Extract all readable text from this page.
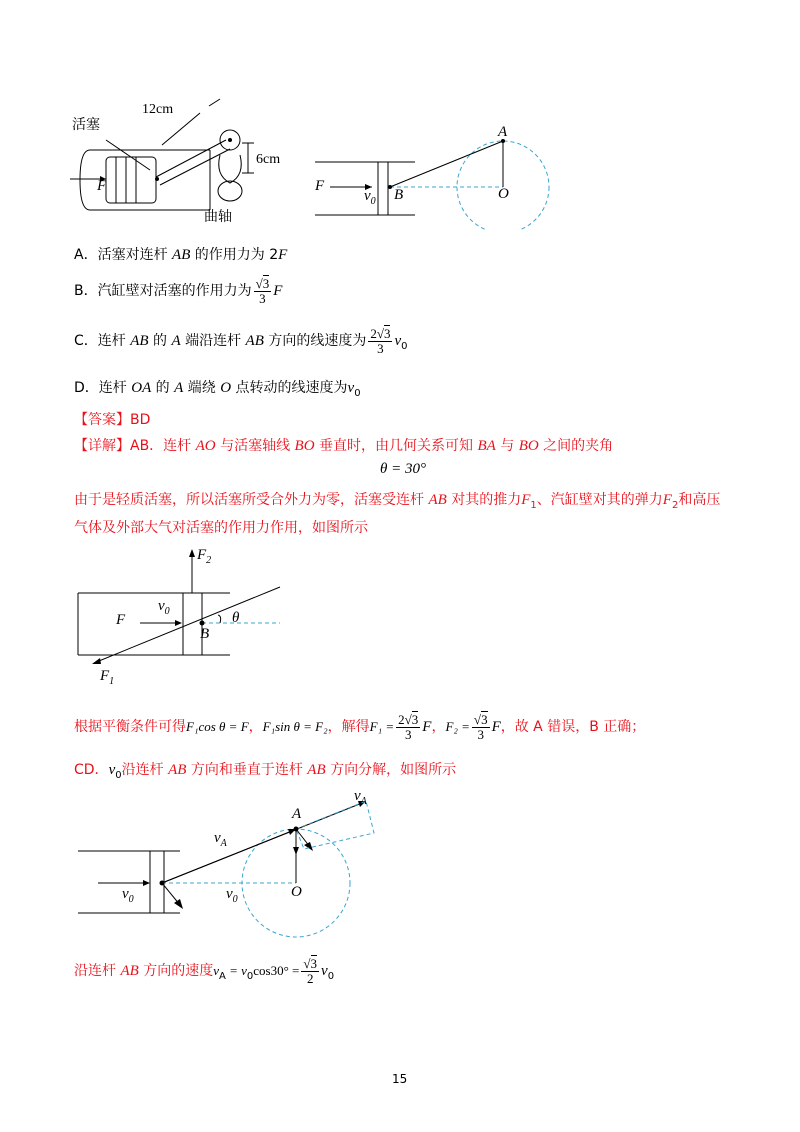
活塞
12cm
6cm
曲轴
F
A
B	O
F
$v_0$
A．活塞对连杆 AB 的作用力为 2F
B．汽缸壁对活塞的作用力为 $\frac{√3}{3}$ F
C．连杆 AB 的 A 端沿连杆 AB 方向的线速度为 $\frac{2√3}{3} v_0$
D．连杆 OA 的 A 端绕 O 点转动的线速度为$v_0$
【答案】BD
【详解】AB．连杆 AO 与活塞轴线 BO 垂直时，由几何关系可知 BA 与 BO 之间的夹角
θ = 30°
由于是轻质活塞，所以活塞所受合外力为零，活塞受连杆 AB 对其的推力$F_1$、汽缸壁对其的弹力$F_2$和高压
气体及外部大气对活塞的作用力作用，如图所示
$F_2$
F
$v_0$
B
θ
$F_1$
根据平衡条件可得F₁cos θ = F，F₁sin θ = F₂，解得$F_1 = \frac{2√3}{3}$ F，$F_2 = \frac{√3}{3}$ F，故 A 错误，B 正确；
CD．$v_0$沿连杆 AB 方向和垂直于连杆 AB 方向分解，如图所示
$v_A$
A
$v_A$
$v_0$	$v_0$	O
沿连杆 AB 方向的速度$v_A = v_0\cos 30^\circ = \frac{√3}{2} v_0$
15
